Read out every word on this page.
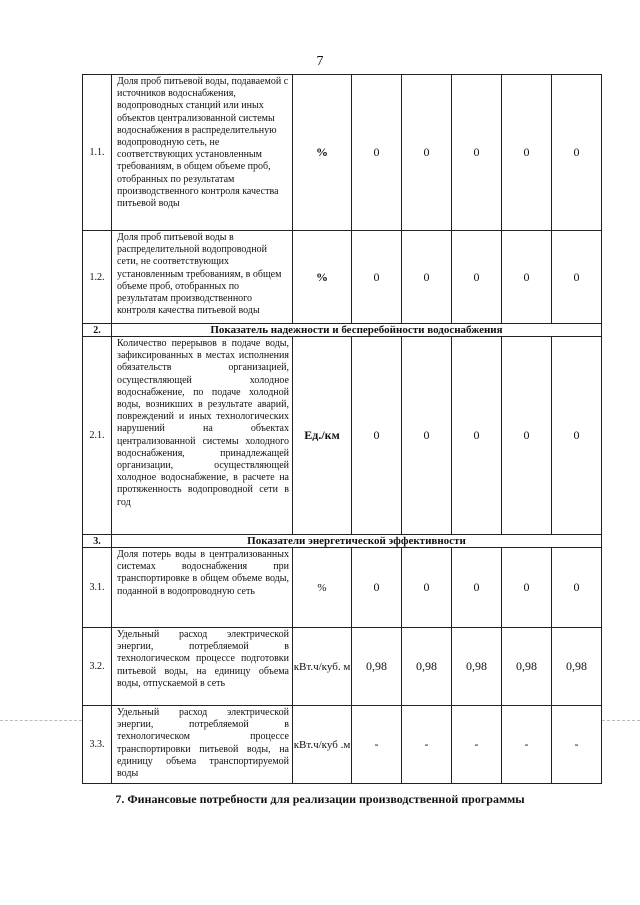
7
1.1.	Доля проб питьевой воды, подаваемой с источников водоснабжения, водопроводных станций или иных объектов централизованной системы водоснабжения в распределительную водопроводную сеть, не соответствующих установленным требованиям, в общем объеме проб, отобранных по результатам производственного контроля качества питьевой воды	%	0	0	0	0	0
1.2.	Доля проб питьевой воды в распределительной водопроводной сети, не соответствующих установленным требованиям, в общем объеме проб, отобранных по результатам производственного контроля качества питьевой воды	%	0	0	0	0	0
2.	Показатель надежности и бесперебойности водоснабжения						
2.1.	Количество перерывов в подаче воды, зафиксированных в местах исполнения обязательств организацией, осуществляющей холодное водоснабжение, по подаче холодной воды, возникших в результате аварий, повреждений и иных технологических нарушений на объектах централизованной системы холодного водоснабжения, принадлежащей организации, осуществляющей холодное водоснабжение, в расчете на протяженность водопроводной сети в год	Ед./км	0	0	0	0	0
3.	Показатели энергетической эффективности						
3.1.	Доля потерь воды в централизованных системах водоснабжения при транспортировке в общем объеме воды, поданной в водопроводную сеть	%	0	0	0	0	0
3.2.	Удельный расход электрической энергии, потребляемой в технологическом процессе подготовки питьевой воды, на единицу объема воды, отпускаемой в сеть	кВт.ч/куб. м	0,98	0,98	0,98	0,98	0,98
3.3.	Удельный расход электрической энергии, потребляемой в технологическом процессе транспортировки питьевой воды, на единицу объема транспортируемой воды	кВт.ч/куб .м	-	-	-	-	-
7. Финансовые потребности для реализации производственной программы
